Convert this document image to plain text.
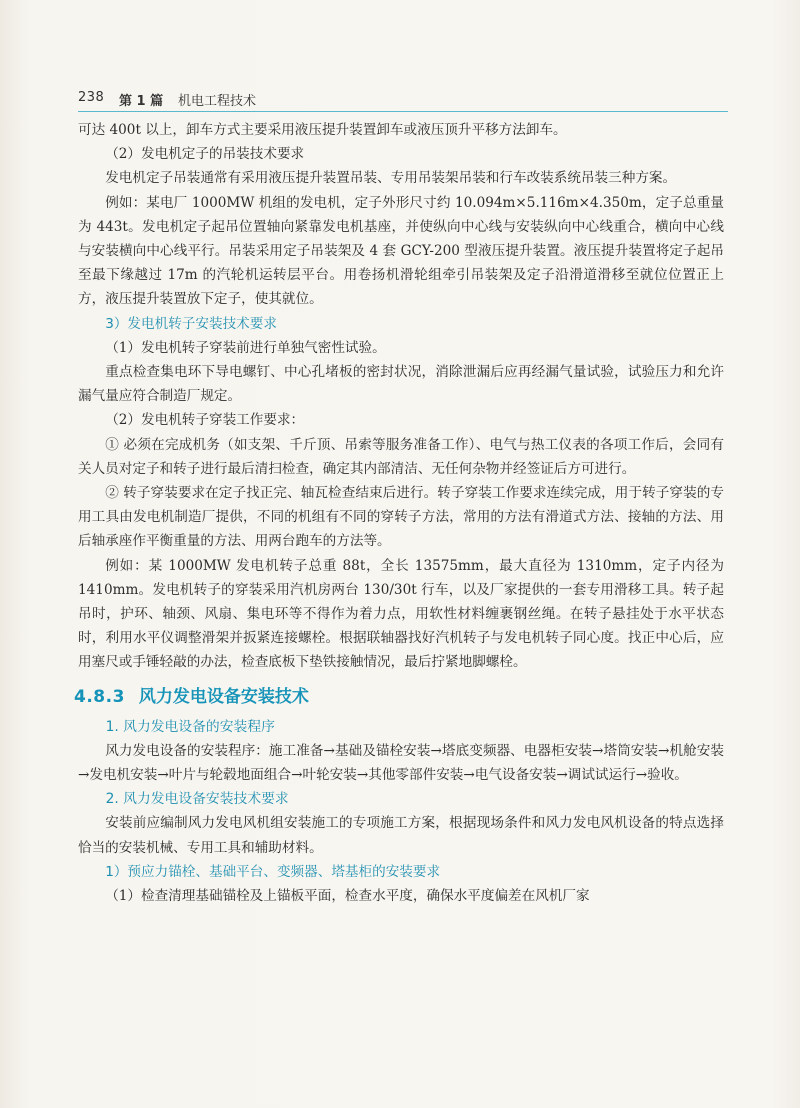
238 第 1 篇 机电工程技术

可达 400t 以上，卸车方式主要采用液压提升装置卸车或液压顶升平移方法卸车。

（2）发电机定子的吊装技术要求

发电机定子吊装通常有采用液压提升装置吊装、专用吊装架吊装和行车改装系统吊装三种方案。

例如：某电厂 1000MW 机组的发电机，定子外形尺寸约 10.094m×5.116m×4.350m，定子总重量为 443t。发电机定子起吊位置轴向紧靠发电机基座，并使纵向中心线与安装纵向中心线重合，横向中心线与安装横向中心线平行。吊装采用定子吊装架及 4 套 GCY-200 型液压提升装置。液压提升装置将定子起吊至最下缘越过 17m 的汽轮机运转层平台。用卷扬机滑轮组牵引吊装架及定子沿滑道滑移至就位位置正上方，液压提升装置放下定子，使其就位。

3）发电机转子安装技术要求

（1）发电机转子穿装前进行单独气密性试验。

重点检查集电环下导电螺钉、中心孔堵板的密封状况，消除泄漏后应再经漏气量试验，试验压力和允许漏气量应符合制造厂规定。

（2）发电机转子穿装工作要求：

① 必须在完成机务（如支架、千斤顶、吊索等服务准备工作）、电气与热工仪表的各项工作后，会同有关人员对定子和转子进行最后清扫检查，确定其内部清洁、无任何杂物并经签证后方可进行。

② 转子穿装要求在定子找正完、轴瓦检查结束后进行。转子穿装工作要求连续完成，用于转子穿装的专用工具由发电机制造厂提供，不同的机组有不同的穿转子方法，常用的方法有滑道式方法、接轴的方法、用后轴承座作平衡重量的方法、用两台跑车的方法等。

例如：某 1000MW 发电机转子总重 88t，全长 13575mm，最大直径为 1310mm，定子内径为 1410mm。发电机转子的穿装采用汽机房两台 130/30t 行车，以及厂家提供的一套专用滑移工具。转子起吊时，护环、轴颈、风扇、集电环等不得作为着力点，用软性材料缠裹钢丝绳。在转子悬挂处于水平状态时，利用水平仪调整滑架并扳紧连接螺栓。根据联轴器找好汽机转子与发电机转子同心度。找正中心后，应用塞尺或手锤轻敲的办法，检查底板下垫铁接触情况，最后拧紧地脚螺栓。

4.8.3 风力发电设备安装技术

1. 风力发电设备的安装程序

风力发电设备的安装程序：施工准备→基础及锚栓安装→塔底变频器、电器柜安装→塔筒安装→机舱安装→发电机安装→叶片与轮毂地面组合→叶轮安装→其他零部件安装→电气设备安装→调试试运行→验收。

2. 风力发电设备安装技术要求

安装前应编制风力发电风机组安装施工的专项施工方案，根据现场条件和风力发电风机设备的特点选择恰当的安装机械、专用工具和辅助材料。

1）预应力锚栓、基础平台、变频器、塔基柜的安装要求

（1）检查清理基础锚栓及上锚板平面，检查水平度，确保水平度偏差在风机厂家
